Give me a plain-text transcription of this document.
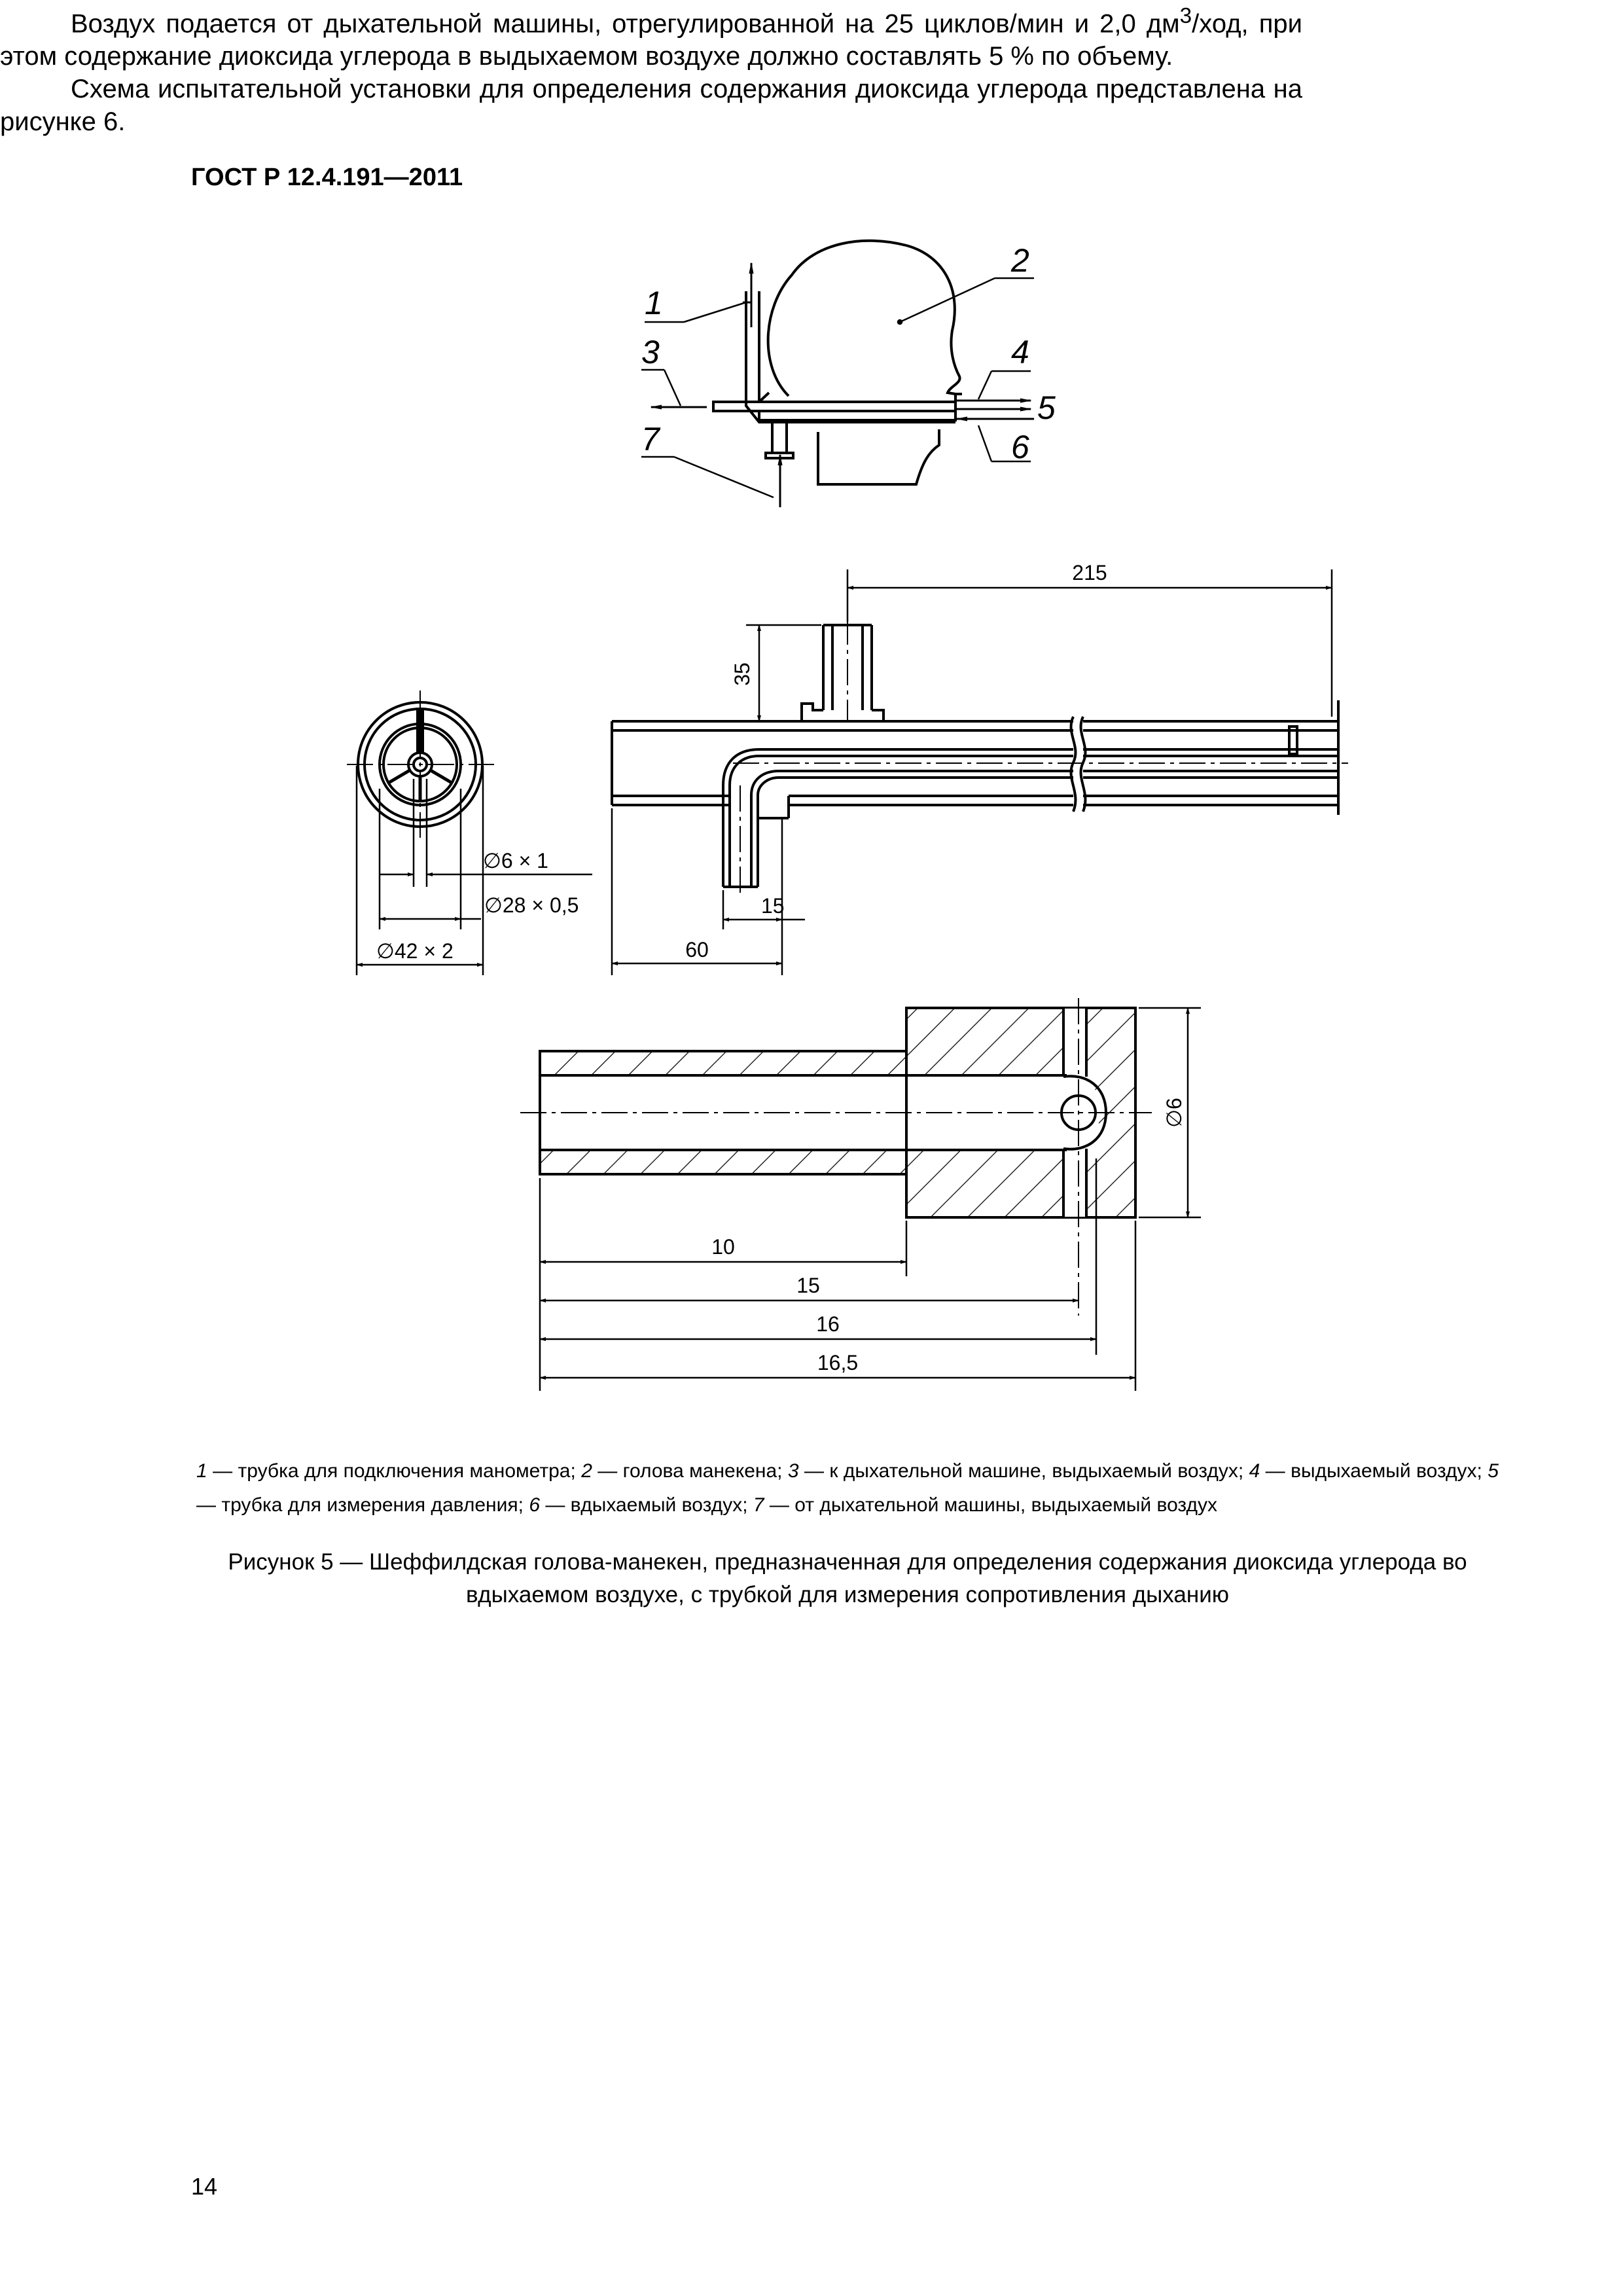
ГОСТ Р 12.4.191—2011
1
2
3	4
5
6
7
∅6 × 1
∅28 × 0,5
∅42 × 2
215
35
15
60
∅6
10
15
16
16,5
1 — трубка для подключения манометра; 2 — голова манекена; 3 — к дыхательной машине, выдыхаемый воздух; 4 — выдыхаемый воздух; 5 — трубка для измерения давления; 6 — вдыхаемый воздух; 7 — от дыхательной машины, выдыхаемый воздух
Рисунок 5 — Шеффилдская голова-манекен, предназначенная для определения содержания диоксида углерода во вдыхаемом воздухе, с трубкой для измерения сопротивления дыханию

Воздух подается от дыхательной машины, отрегулированной на 25 циклов/мин и 2,0 $дм^3$/ход, при этом содержание диоксида углерода в выдыхаемом воздухе должно составлять 5 % по объему.

Схема испытательной установки для определения содержания диоксида углерода представлена на рисунке 6.

14
